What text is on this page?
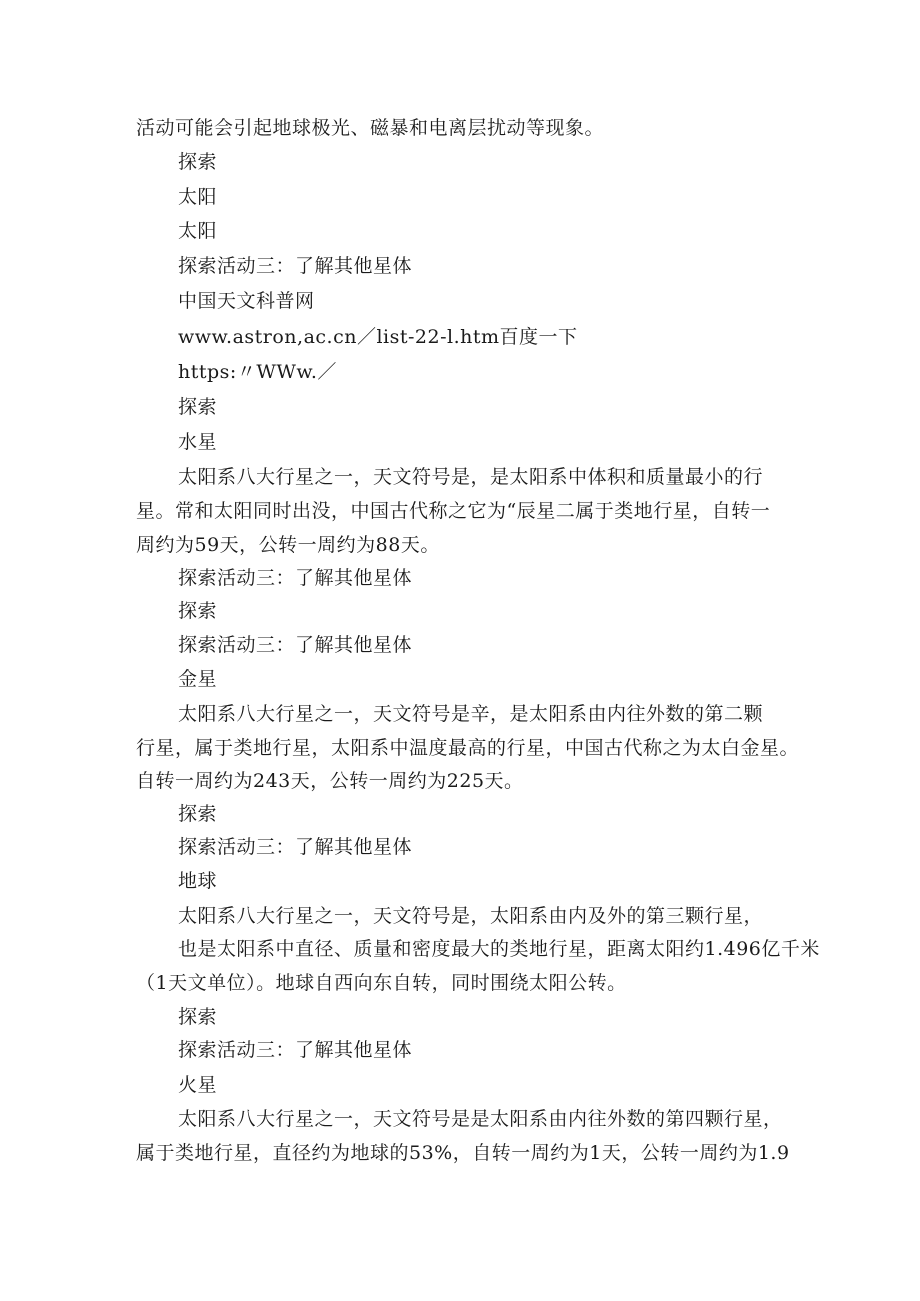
活动可能会引起地球极光、磁暴和电离层扰动等现象。
探索
太阳
太阳
探索活动三：了解其他星体
中国天文科普网
www.astron,ac.cn／list-22-l.htm百度一下
https:〃WWw.／
探索
水星
太阳系八大行星之一，天文符号是，是太阳系中体积和质量最小的行
星。常和太阳同时出没，中国古代称之它为“辰星二属于类地行星，自转一
周约为59天，公转一周约为88天。
探索活动三：了解其他星体
探索
探索活动三：了解其他星体
金星
太阳系八大行星之一，天文符号是辛，是太阳系由内往外数的第二颗
行星，属于类地行星，太阳系中温度最高的行星，中国古代称之为太白金星。
自转一周约为243天，公转一周约为225天。
探索
探索活动三：了解其他星体
地球
太阳系八大行星之一，天文符号是，太阳系由内及外的第三颗行星，
也是太阳系中直径、质量和密度最大的类地行星，距离太阳约1.496亿千米
（1天文单位）。地球自西向东自转，同时围绕太阳公转。
探索
探索活动三：了解其他星体
火星
太阳系八大行星之一，天文符号是是太阳系由内往外数的第四颗行星，
属于类地行星，直径约为地球的53%，自转一周约为1天，公转一周约为1.9
